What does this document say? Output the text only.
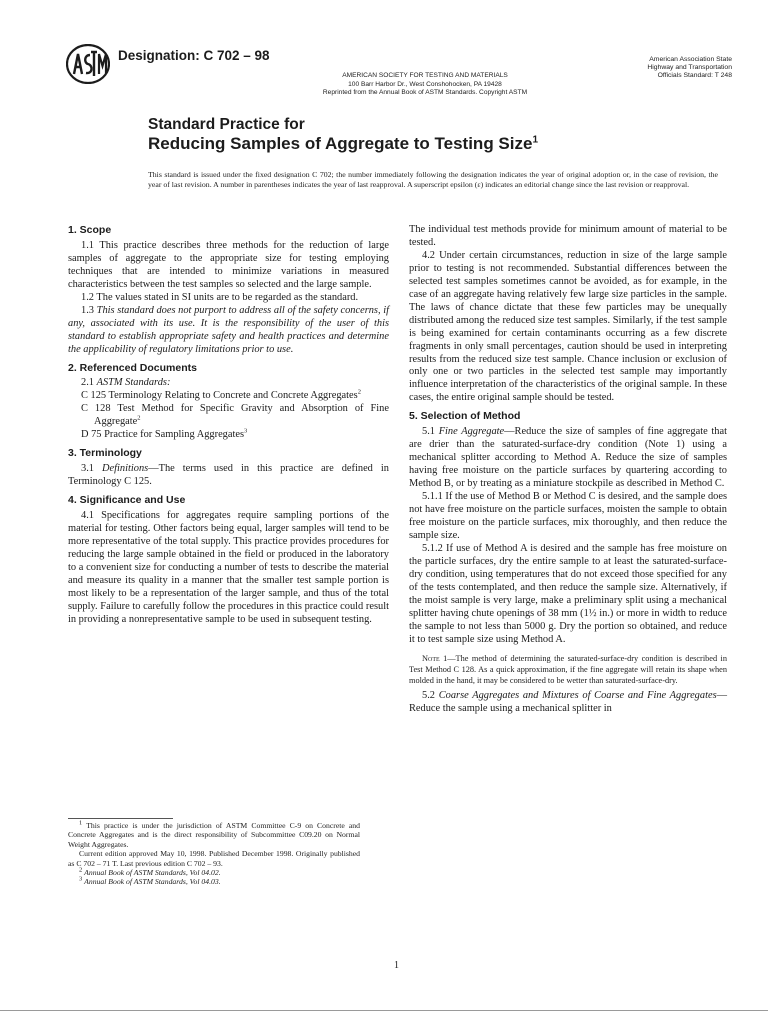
Designation: C 702 – 98
AMERICAN SOCIETY FOR TESTING AND MATERIALS
100 Barr Harbor Dr., West Conshohocken, PA 19428
Reprinted from the Annual Book of ASTM Standards. Copyright ASTM
American Association State
Highway and Transportation
Officials Standard: T 248
Standard Practice for
Reducing Samples of Aggregate to Testing Size$^1$
This standard is issued under the fixed designation C 702; the number immediately following the designation indicates the year of original adoption or, in the case of revision, the year of last revision. A number in parentheses indicates the year of last reapproval. A superscript epsilon (ε) indicates an editorial change since the last revision or reapproval.
1. Scope

1.1 This practice describes three methods for the reduction of large samples of aggregate to the appropriate size for testing employing techniques that are intended to minimize variations in measured characteristics between the test samples so selected and the large sample.

1.2 The values stated in SI units are to be regarded as the standard.

1.3 This standard does not purport to address all of the safety concerns, if any, associated with its use. It is the responsibility of the user of this standard to establish appropriate safety and health practices and determine the applicability of regulatory limitations prior to use.

2. Referenced Documents

2.1 ASTM Standards:

C 125 Terminology Relating to Concrete and Concrete Aggregates$^2$

C 128 Test Method for Specific Gravity and Absorption of Fine Aggregate$^2$

D 75 Practice for Sampling Aggregates$^3$

3. Terminology

3.1 Definitions—The terms used in this practice are defined in Terminology C 125.

4. Significance and Use

4.1 Specifications for aggregates require sampling portions of the material for testing. Other factors being equal, larger samples will tend to be more representative of the total supply. This practice provides procedures for reducing the large sample obtained in the field or produced in the laboratory to a convenient size for conducting a number of tests to describe the material and measure its quality in a manner that the smaller test sample portion is most likely to be a representation of the larger sample, and thus of the total supply. Failure to carefully follow the procedures in this practice could result in providing a nonrepresentative sample to be used in subsequent testing.

The individual test methods provide for minimum amount of material to be tested.

4.2 Under certain circumstances, reduction in size of the large sample prior to testing is not recommended. Substantial differences between the selected test samples sometimes cannot be avoided, as for example, in the case of an aggregate having relatively few large size particles in the sample. The laws of chance dictate that these few particles may be unequally distributed among the reduced size test samples. Similarly, if the test sample is being examined for certain contaminants occurring as a few discrete fragments in only small percentages, caution should be used in interpreting results from the reduced size test sample. Chance inclusion or exclusion of only one or two particles in the selected test sample may importantly influence interpretation of the characteristics of the original sample. In these cases, the entire original sample should be tested.

5. Selection of Method

5.1 Fine Aggregate—Reduce the size of samples of fine aggregate that are drier than the saturated-surface-dry condition (Note 1) using a mechanical splitter according to Method A. Reduce the size of samples having free moisture on the particle surfaces by quartering according to Method B, or by treating as a miniature stockpile as described in Method C.

5.1.1 If the use of Method B or Method C is desired, and the sample does not have free moisture on the particle surfaces, moisten the sample to obtain free moisture on the particle surfaces, mix thoroughly, and then reduce the sample size.

5.1.2 If use of Method A is desired and the sample has free moisture on the particle surfaces, dry the entire sample to at least the saturated-surface-dry condition, using temperatures that do not exceed those specified for any of the tests contemplated, and then reduce the sample size. Alternatively, if the moist sample is very large, make a preliminary split using a mechanical splitter having chute openings of 38 mm (1½ in.) or more in width to reduce the sample to not less than 5000 g. Dry the portion so obtained, and reduce it to test sample size using Method A.

Note 1—The method of determining the saturated-surface-dry condition is described in Test Method C 128. As a quick approximation, if the fine aggregate will retain its shape when molded in the hand, it may be considered to be wetter than saturated-surface-dry.

5.2 Coarse Aggregates and Mixtures of Coarse and Fine Aggregates—Reduce the sample using a mechanical splitter in

$^1$ This practice is under the jurisdiction of ASTM Committee C-9 on Concrete and Concrete Aggregates and is the direct responsibility of Subcommittee C09.20 on Normal Weight Aggregates.

Current edition approved May 10, 1998. Published December 1998. Originally published as C 702 – 71 T. Last previous edition C 702 – 93.

$^2$ Annual Book of ASTM Standards, Vol 04.02.

$^3$ Annual Book of ASTM Standards, Vol 04.03.

1
